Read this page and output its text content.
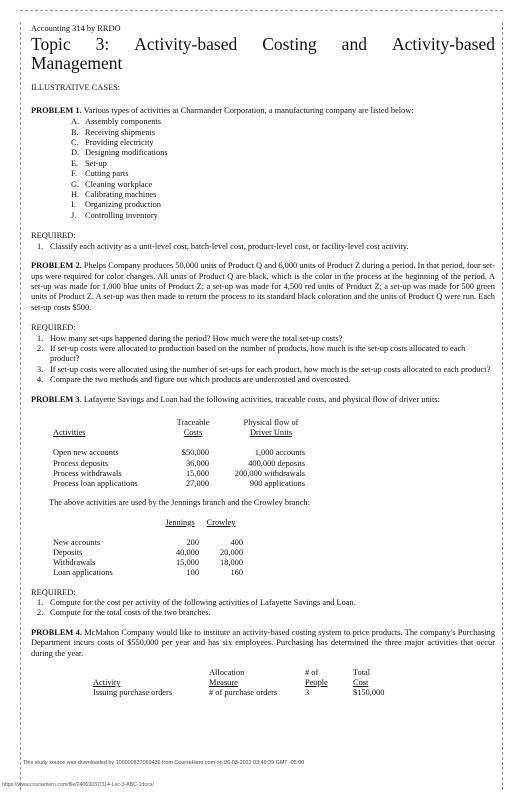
Accounting 314 by RRDO
Topic 3: Activity-based Costing and Activity-based
Management
ILLUSTRATIVE CASES:
PROBLEM 1. Various types of activities at Charmander Corporation, a manufacturing company are listed below:
A. Assembly components
B. Receiving shipments
C. Providing electricity
D. Designing modifications
E. Set-up
F. Cutting parts
G. Cleaning workplace
H. Calibrating machines
I.	Organizing production
J.	Controlling inventory
REQUIRED:
1. Classify each activity as a unit-level cost, batch-level cost, product-level cost, or facility-level cost activity.
PROBLEM 2. Phelps Company produces 50,000 units of Product Q and 6,000 units of Product Z during a period. In that period, four set-ups were required for color changes. All units of Product Q are black, which is the color in the process at the beginning of the period. A set-up was made for 1,000 blue units of Product Z; a set-up was made for 4,500 red units of Product Z; a set-up was made for 500 green units of Product Z. A set-up was then made to return the process to its standard black coloration and the units of Product Q were run. Each set-up costs $500.
REQUIRED:
1. How many set-ups happened during the period? How much were the total set-up costs?
2. If set-up costs were allocated to production based on the number of products, how much is the set-up costs allocated to each product?
3. If set-up costs were allocated using the number of set-ups for each product, how much is the set-up costs allocated to each product?
4. Compare the two methods and figure out which products are undercosted and overcosted.
PROBLEM 3. Lafayette Savings and Loan had the following activities, traceable costs, and physical flow of driver units:
	Traceable	Physical flow of
Activities	Costs	Driver Units

Open new accounts	$50,000	1,000 accounts
Process deposits	36,000	400,000 deposits
Process withdrawals	15,000	200,000 withdrawals
Process loan applications	27,000	900 applications
The above activities are used by the Jennings branch and the Crowley branch:
	Jennings	Crowley

New accounts	200	400
Deposits	40,000	20,000
Withdrawals	15,000	18,000
Loan applications	100	160
REQUIRED:
1. Compute for the cost per activity of the following activities of Lafayette Savings and Loan.
2. Compute for the total costs of the two branches.
PROBLEM 4. McMahon Company would like to institute an activity-based costing system to price products. The company's Purchasing Department incurs costs of $550,000 per year and has six employees. Purchasing has determined the three major activities that occur during the year.
	Allocation	# of	Total
Activity	Measure	People	Cost
Issuing purchase orders	# of purchase orders	3	$150,000
This study source was downloaded by 100000837069436 from CourseHero.com on 06-03-2022 03:49:39 GMT -05:00
https://www.coursehero.com/file/24069037/314-Lec-3-ABC-1docx/
